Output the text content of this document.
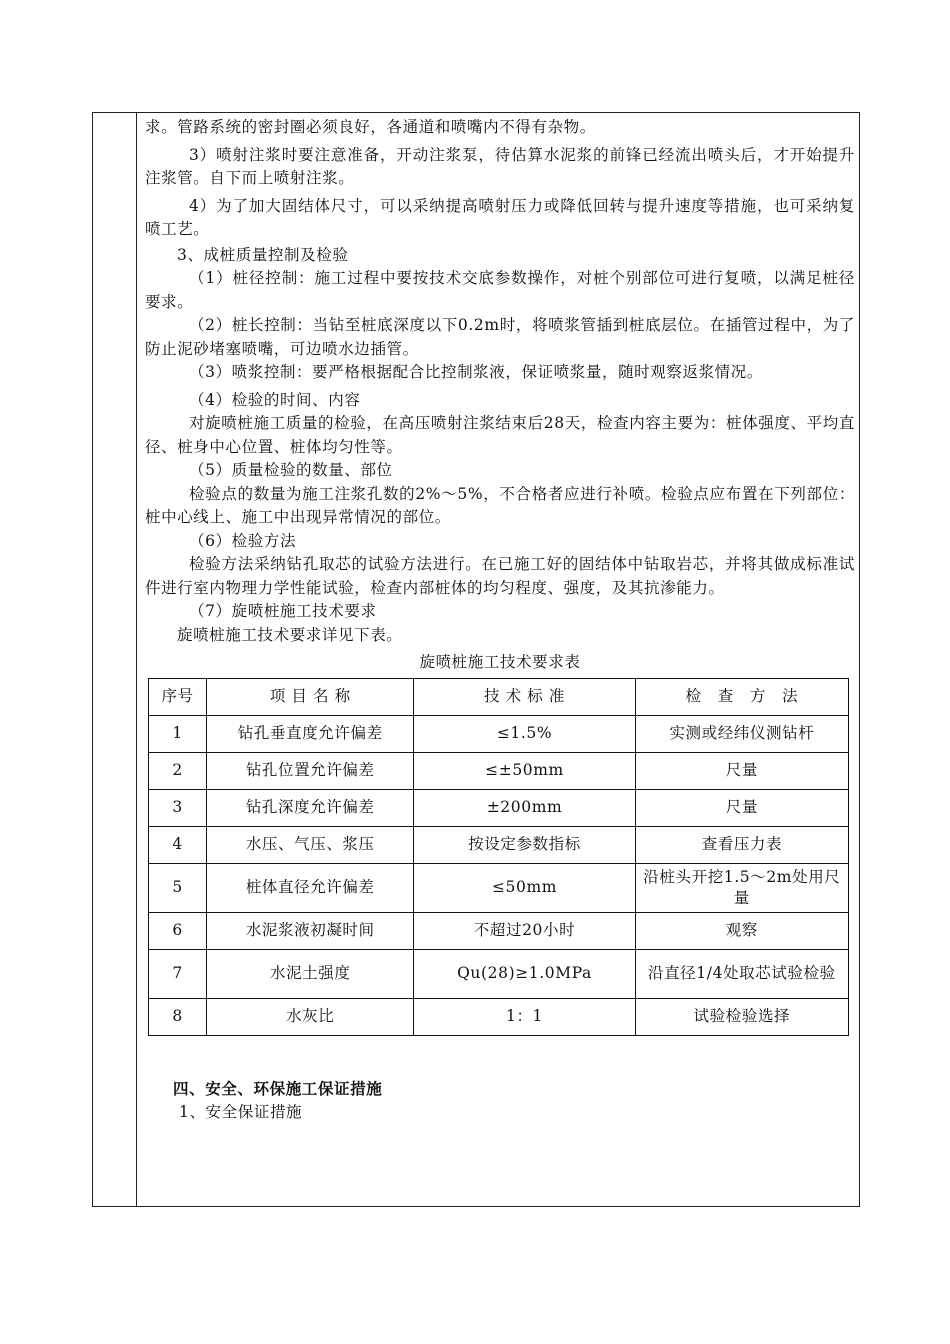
求。管路系统的密封圈必须良好，各通道和喷嘴内不得有杂物。

3）喷射注浆时要注意准备，开动注浆泵，待估算水泥浆的前锋已经流出喷头后，才开始提升注浆管。自下而上喷射注浆。

4）为了加大固结体尺寸，可以采纳提高喷射压力或降低回转与提升速度等措施，也可采纳复喷工艺。

3、成桩质量控制及检验

（1）桩径控制：施工过程中要按技术交底参数操作，对桩个别部位可进行复喷，以满足桩径要求。

（2）桩长控制：当钻至桩底深度以下0.2m时，将喷浆管插到桩底层位。在插管过程中，为了防止泥砂堵塞喷嘴，可边喷水边插管。

（3）喷浆控制：要严格根据配合比控制浆液，保证喷浆量，随时观察返浆情况。

（4）检验的时间、内容

对旋喷桩施工质量的检验，在高压喷射注浆结束后28天，检查内容主要为：桩体强度、平均直径、桩身中心位置、桩体均匀性等。

（5）质量检验的数量、部位

检验点的数量为施工注浆孔数的2%～5%，不合格者应进行补喷。检验点应布置在下列部位：桩中心线上、施工中出现异常情况的部位。

（6）检验方法

检验方法采纳钻孔取芯的试验方法进行。在已施工好的固结体中钻取岩芯，并将其做成标准试件进行室内物理力学性能试验，检查内部桩体的均匀程度、强度，及其抗渗能力。

（7）旋喷桩施工技术要求

旋喷桩施工技术要求详见下表。

旋喷桩施工技术要求表
序号	项 目 名 称	技 术 标 准	检　查　方　法
1	钻孔垂直度允许偏差	≤1.5%	实测或经纬仪测钻杆
2	钻孔位置允许偏差	≤±50mm	尺量
3	钻孔深度允许偏差	±200mm	尺量
4	水压、气压、浆压	按设定参数指标	查看压力表
5	桩体直径允许偏差	≤50mm	沿桩头开挖1.5～2m处用尺量
6	水泥浆液初凝时间	不超过20小时	观察
7	水泥土强度	Qu(28)≥1.0MPa	沿直径1/4处取芯试验检验
8	水灰比	1：1	试验检验选择

四、安全、环保施工保证措施

1、安全保证措施
